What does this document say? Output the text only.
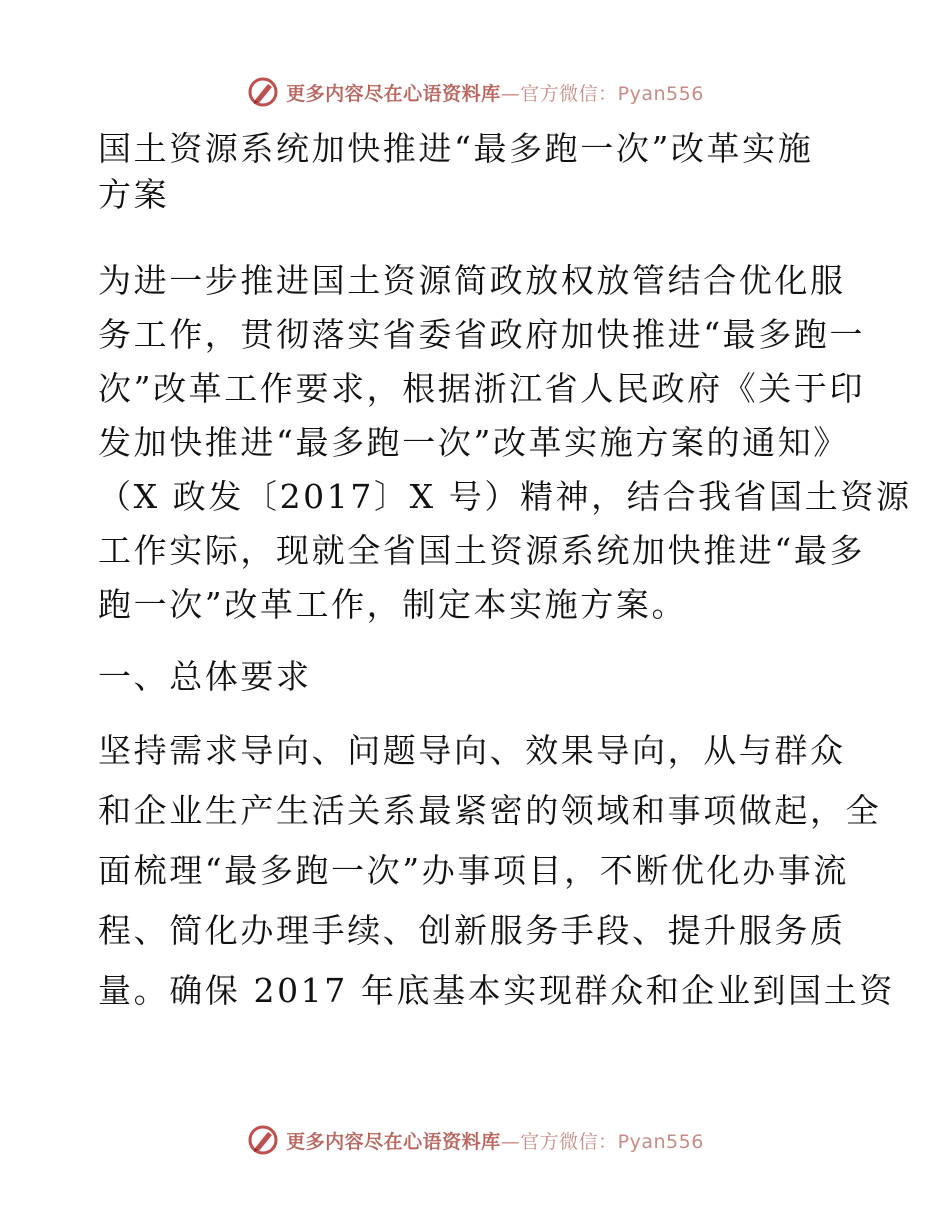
更多内容尽在心语资料库—官方微信：Pyan556
国土资源系统加快推进“最多跑一次”改革实施
方案
为进一步推进国土资源简政放权放管结合优化服
务工作，贯彻落实省委省政府加快推进“最多跑一
次”改革工作要求，根据浙江省人民政府《关于印
发加快推进“最多跑一次”改革实施方案的通知》
（X 政发〔2017〕X 号）精神，结合我省国土资源
工作实际，现就全省国土资源系统加快推进“最多
跑一次”改革工作，制定本实施方案。
一、总体要求
坚持需求导向、问题导向、效果导向，从与群众
和企业生产生活关系最紧密的领域和事项做起，全
面梳理“最多跑一次”办事项目，不断优化办事流
程、简化办理手续、创新服务手段、提升服务质
量。确保 2017 年底基本实现群众和企业到国土资
更多内容尽在心语资料库—官方微信：Pyan556
